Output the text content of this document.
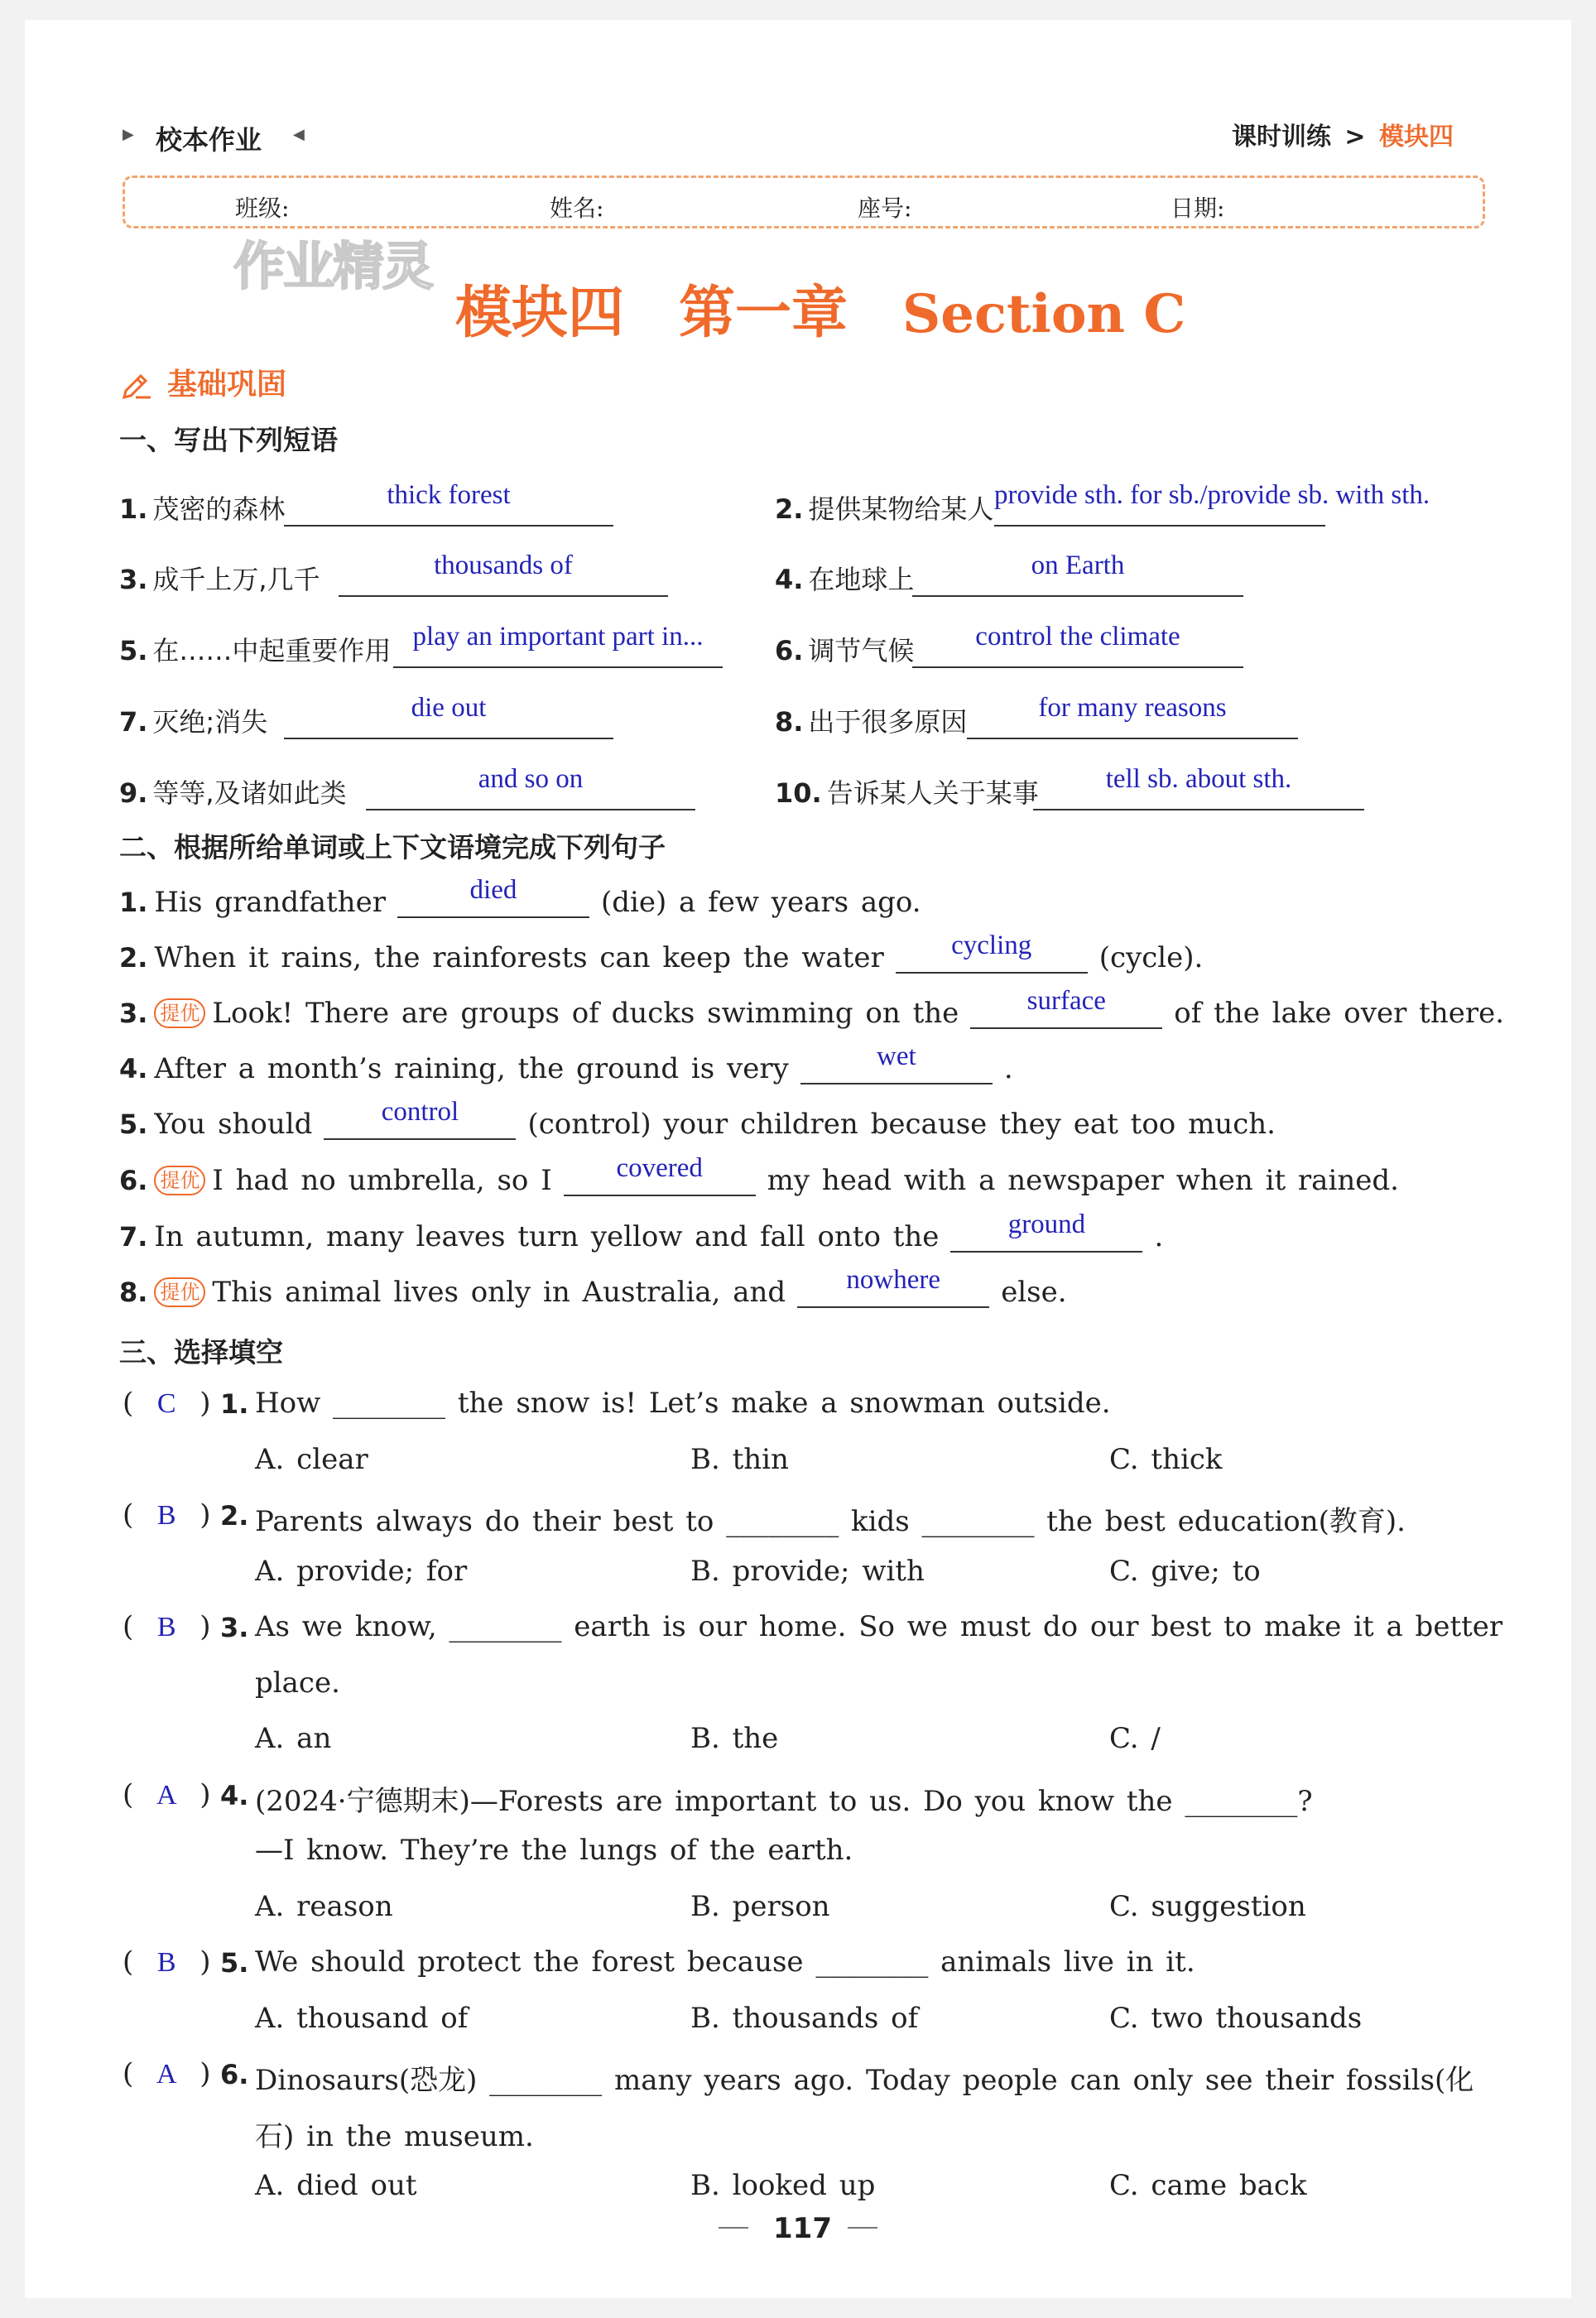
▶ 校本作业 ◀	课时训练 > 模块四
班级:	姓名:	座号:	日期:
作业精灵
模块四 第一章 Section C
基础巩固
一、写出下列短语
1. 茂密的森林	thick forest	2. 提供某物给某人 provide sth. for sb./provide sb. with sth.
3. 成千上万,几千	thousands of	4. 在地球上	on Earth
5. 在……中起重要作用 play an important part in...	6. 调节气候	control the climate
7. 灭绝;消失	die out	8. 出于很多原因	for many reasons
9. 等等,及诸如此类	and so on	10. 告诉某人关于某事	tell sb. about sth.
二、根据所给单词或上下文语境完成下列句子
1. His grandfather	died	(die) a few years ago.
2. When it rains, the rainforests can keep the water	cycling	(cycle).
3. 提优 Look! There are groups of ducks swimming on the	surface	of the lake over there.
4. After a month’s raining, the ground is very	wet	.
5. You should	control	(control) your children because they eat too much.
6. 提优 I had no umbrella, so I	covered	my head with a newspaper when it rained.
7. In autumn, many leaves turn yellow and fall onto the	ground	.
8. 提优 This animal lives only in Australia, and	nowhere	else.
三、选择填空
( C ) 1. How ________ the snow is! Let’s make a snowman outside.
A. clear	B. thin	C. thick
( B ) 2. Parents always do their best to ________ kids ________ the best education(教育).
A. provide; for	B. provide; with	C. give; to
( B ) 3. As we know, ________ earth is our home. So we must do our best to make it a better
place.
A. an	B. the	C. /
( A ) 4. (2024·宁德期末)—Forests are important to us. Do you know the ________?
—I know. They’re the lungs of the earth.
A. reason	B. person	C. suggestion
( B ) 5. We should protect the forest because ________ animals live in it.
A. thousand of	B. thousands of	C. two thousands
( A ) 6. Dinosaurs(恐龙) ________ many years ago. Today people can only see their fossils(化
石) in the museum.
A. died out	B. looked up	C. came back
117
